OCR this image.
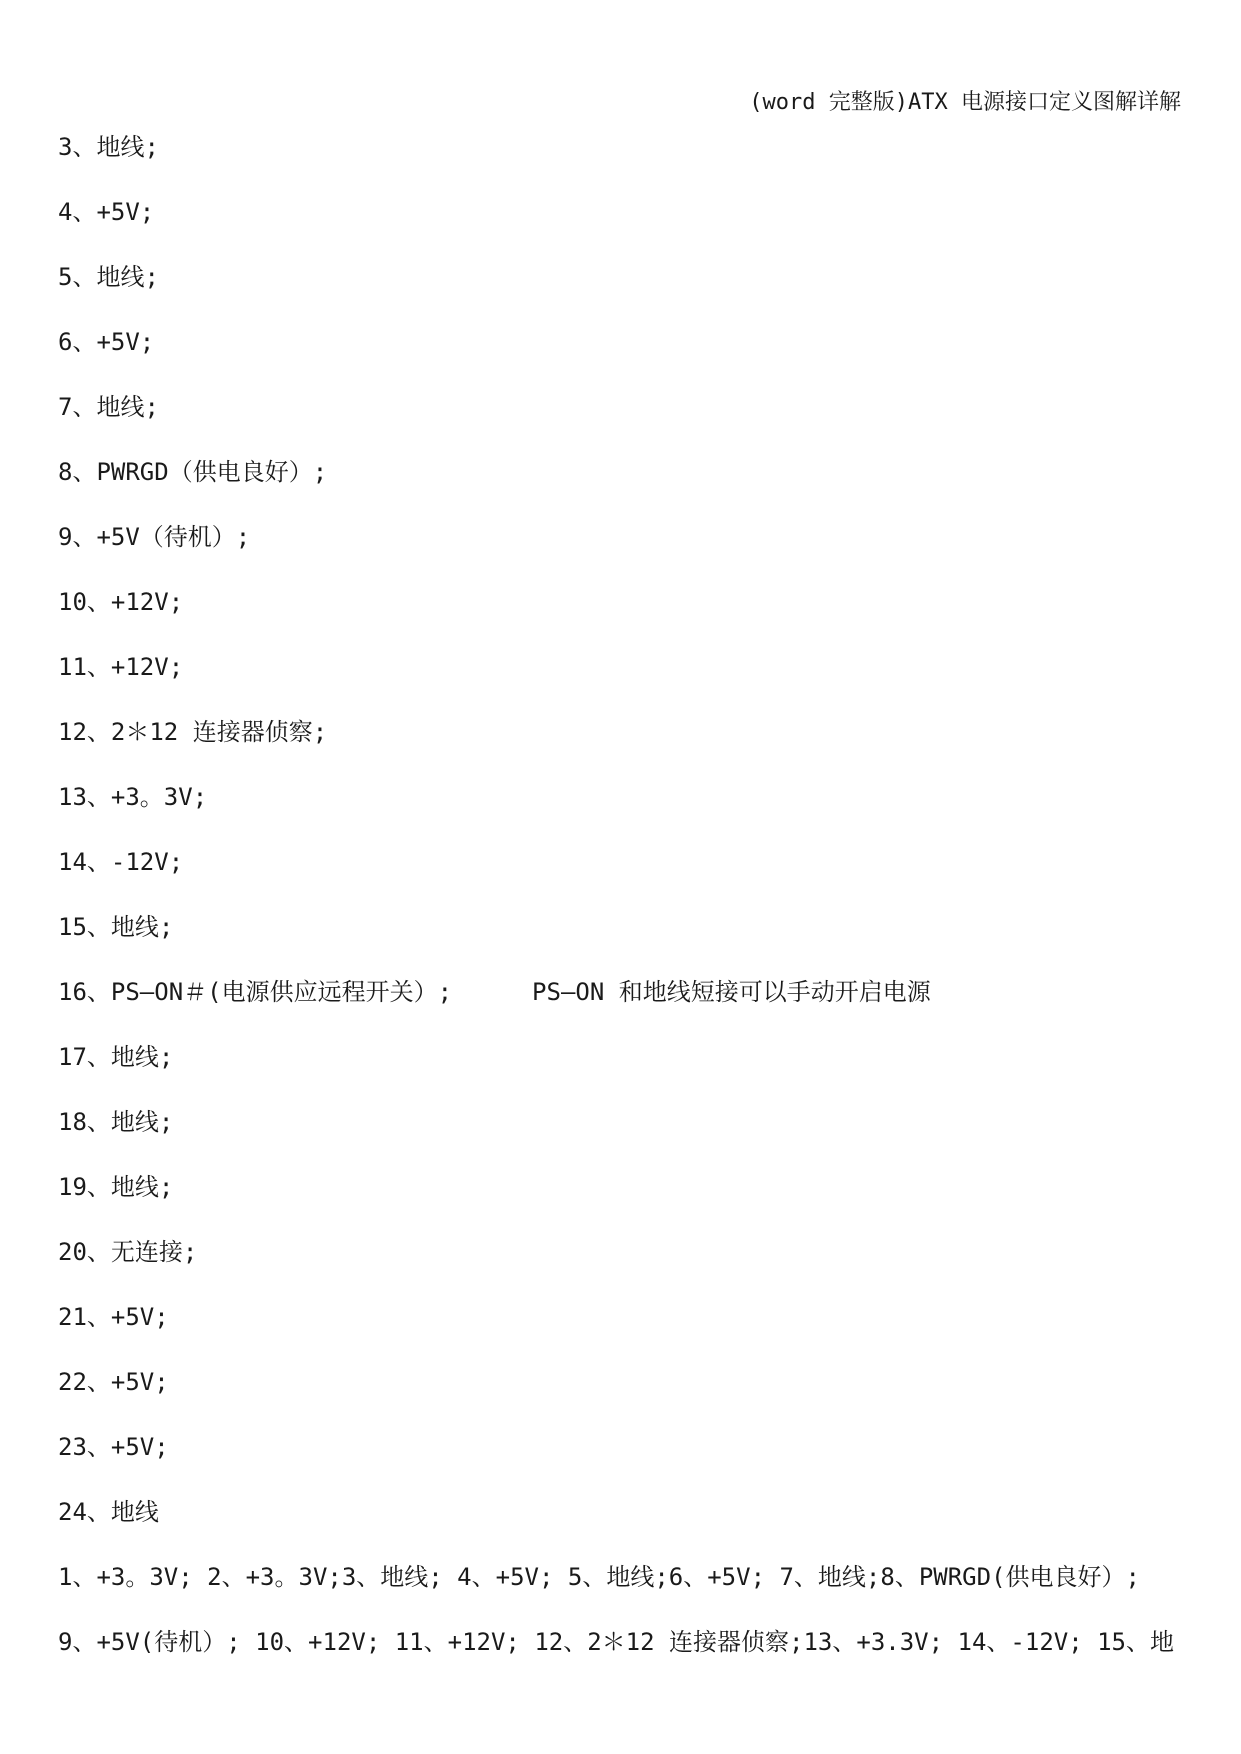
(word 完整版)ATX 电源接口定义图解详解
3、地线;
4、+5V;
5、地线;
6、+5V;
7、地线;
8、PWRGD（供电良好）;
9、+5V（待机）;
10、+12V;
11、+12V;
12、2＊12 连接器侦察;
13、+3。3V;
14、-12V;
15、地线;
16、PS—ON＃(电源供应远程开关）;	PS—ON 和地线短接可以手动开启电源
17、地线;
18、地线;
19、地线;
20、无连接;
21、+5V;
22、+5V;
23、+5V;
24、地线
1、+3。3V; 2、+3。3V;3、地线; 4、+5V; 5、地线;6、+5V; 7、地线;8、PWRGD(供电良好）;
9、+5V(待机）; 10、+12V; 11、+12V; 12、2＊12 连接器侦察;13、+3.3V; 14、-12V; 15、地
